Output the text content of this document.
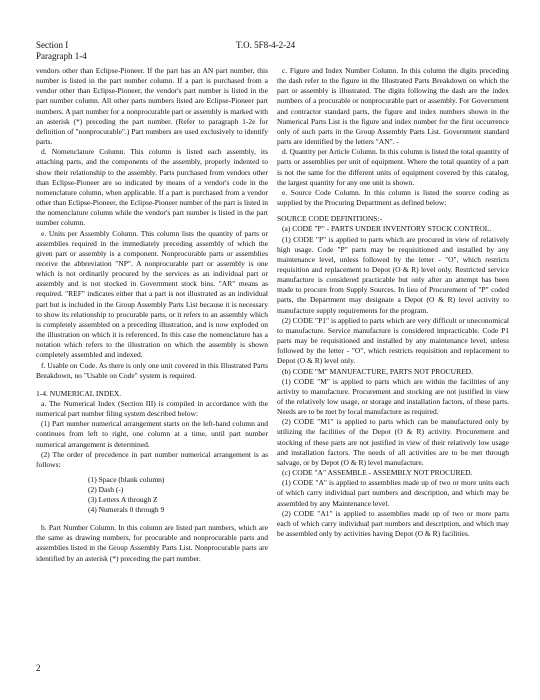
Section I
Paragraph 1-4
T.O. 5F8-4-2-24

vendors other than Eclipse-Pioneer. If the part has an AN part number, this number is listed in the part number column. If a part is purchased from a vendor other than Eclipse-Pioneer, the vendor's part number is listed in the part number column. All other parts numbers listed are Eclipse-Pioneer part numbers. A part number for a nonprocurable part or assembly is marked with an asterisk (*) preceding the part number. (Refer to paragraph 1-2e for definition of "nonprocurable".) Part numbers are used exclusively to identify parts.

d. Nomenclature Column. This column is listed each assembly, its attaching parts, and the components of the assembly, properly indented to show their relationship to the assembly. Parts purchased from vendors other than Eclipse-Pioneer are so indicated by means of a vendor's code in the nomenclature column, when applicable. If a part is purchased from a vendor other than Eclipse-Pioneer, the Eclipse-Pioneer number of the part is listed in the nomenclature column while the vendor's part number is listed in the part number column.

e. Units per Assembly Column. This column lists the quantity of parts or assemblies required in the immediately preceding assembly of which the given part or assembly is a component. Nonprocurable parts or assemblies receive the abbreviation "NP". A nonprocurable part or assembly is one which is not ordinarily procured by the services as an individual part or assembly and is not stocked in Government stock bins. "AR" means as required. "REF" indicates either that a part is not illustrated as an individual part but is included in the Group Assembly Parts List because it is necessary to show its relationship to procurable parts, or it refers to an assembly which is completely assembled on a preceding illustration, and is now exploded on the illustration on which it is referenced. In this case the nomenclature has a notation which refers to the illustration on which the assembly is shown completely assembled and indexed.

f. Usable on Code. As there is only one unit covered in this Illustrated Parts Breakdown, no "Usable on Code" system is required.

1-4. NUMERICAL INDEX.

a. The Numerical Index (Section III) is compiled in accordance with the numerical part number filing system described below:

(1) Part number numerical arrangement starts on the left-hand column and continues from left to right, one column at a time, until part number numerical arrangement is determined.

(2) The order of precedence in part number numerical arrangement is as follows:

(1) Space (blank column)
(2) Dash (-)
(3) Letters A through Z
(4) Numerals 0 through 9

b. Part Number Column. In this column are listed part numbers, which are the same as drawing numbers, for procurable and nonprocurable parts and assemblies listed in the Group Assembly Parts List. Nonprocurable parts are identified by an asterisk (*) preceding the part number.

c. Figure and Index Number Column. In this column the digits preceding the dash refer to the figure in the Illustrated Parts Breakdown on which the part or assembly is illustrated. The digits following the dash are the index numbers of a procurable or nonprocurable part or assembly. For Government and contractor standard parts, the figure and index numbers shown in the Numerical Parts List is the figure and index number for the first occurrence only of such parts in the Group Assembly Parts List. Government standard parts are identified by the letters "AN". -

d. Quantity per Article Column. In this column is listed the total quantity of parts or assemblies per unit of equipment. Where the total quantity of a part is not the same for the different units of equipment covered by this catalog, the largest quantity for any one unit is shown.

e. Source Code Column. In this column is listed the source coding as supplied by the Procuring Department as defined below:

SOURCE CODE DEFINITIONS:-

(a) CODE "P" - PARTS UNDER INVENTORY STOCK CONTROL.

(1) CODE "P" is applied to parts which are procured in view of relatively high usage. Code "P" parts may be requisitioned and installed by any maintenance level, unless followed by the letter - "O", which restricts requisition and replacement to Depot (O & R) level only. Restricted service manufacture is considered practicable but only after an attempt has been made to procure from Supply Sources. In lieu of Procurement of "P" coded parts, the Department may designate a Depot (O & R) level activity to manufacture supply requirements for the program.

(2) CODE "P1" is applied to parts which are very difficult or uneconomical to manufacture. Service manufacture is considered impracticable. Code P1 parts may be requisitioned and installed by any maintenance level, unless followed by the letter - "O", which restricts requisition and replacement to Depot (O & R) level only.

(b) CODE "M" MANUFACTURE, PARTS NOT PROCURED.

(1) CODE "M" is applied to parts which are within the facilities of any activity to manufacture. Procurement and stocking are not justified in view of the relatively low usage, or storage and installation factors, of these parts. Needs are to be met by local manufacture as required.

(2) CODE "M1" is applied to parts which can be manufactured only by utilizing the facilities of the Depot (O & R) activity. Procurement and stocking of these parts are not justified in view of their relatively low usage and installation factors. The needs of all activities are to be met through salvage, or by Depot (O & R) level manufacture.

(c) CODE "A" ASSEMBLE - ASSEMBLY NOT PROCURED.

(1) CODE "A" is applied to assemblies made up of two or more units each of which carry individual part numbers and description, and which may be assembled by any Maintenance level.

(2) CODE "A1" is applied to assemblies made up of two or more parts each of which carry individual part numbers and description, and which may be assembled only by activities having Depot (O & R) facilities.

2
